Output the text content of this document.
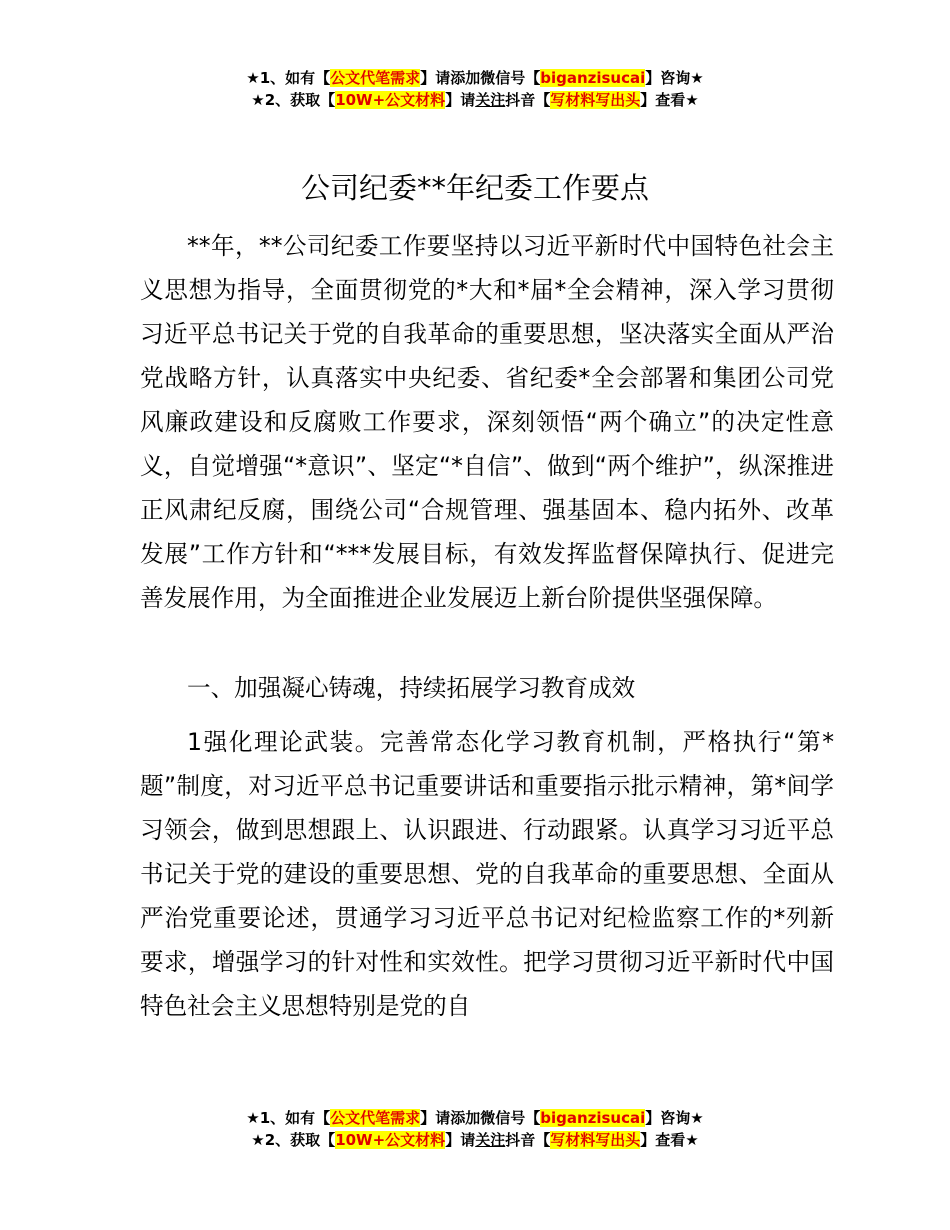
★1、如有【公文代笔需求】请添加微信号【biganzisucai】咨询★
★2、获取【10W+公文材料】请关注抖音【写材料写出头】查看★
公司纪委**年纪委工作要点

**年，**公司纪委工作要坚持以习近平新时代中国特色社会主义思想为指导，全面贯彻党的*大和*届*全会精神，深入学习贯彻习近平总书记关于党的自我革命的重要思想，坚决落实全面从严治党战略方针，认真落实中央纪委、省纪委*全会部署和集团公司党风廉政建设和反腐败工作要求，深刻领悟“两个确立”的决定性意义，自觉增强“*意识”、坚定“*自信”、做到“两个维护”，纵深推进正风肃纪反腐，围绕公司“合规管理、强基固本、稳内拓外、改革发展”工作方针和“***发展目标，有效发挥监督保障执行、促进完善发展作用，为全面推进企业发展迈上新台阶提供坚强保障。

一、加强凝心铸魂，持续拓展学习教育成效

1强化理论武装。完善常态化学习教育机制，严格执行“第*题”制度，对习近平总书记重要讲话和重要指示批示精神，第*间学习领会，做到思想跟上、认识跟进、行动跟紧。认真学习习近平总书记关于党的建设的重要思想、党的自我革命的重要思想、全面从严治党重要论述，贯通学习习近平总书记对纪检监察工作的*列新要求，增强学习的针对性和实效性。把学习贯彻习近平新时代中国特色社会主义思想特别是党的自

★1、如有【公文代笔需求】请添加微信号【biganzisucai】咨询★
★2、获取【10W+公文材料】请关注抖音【写材料写出头】查看★
